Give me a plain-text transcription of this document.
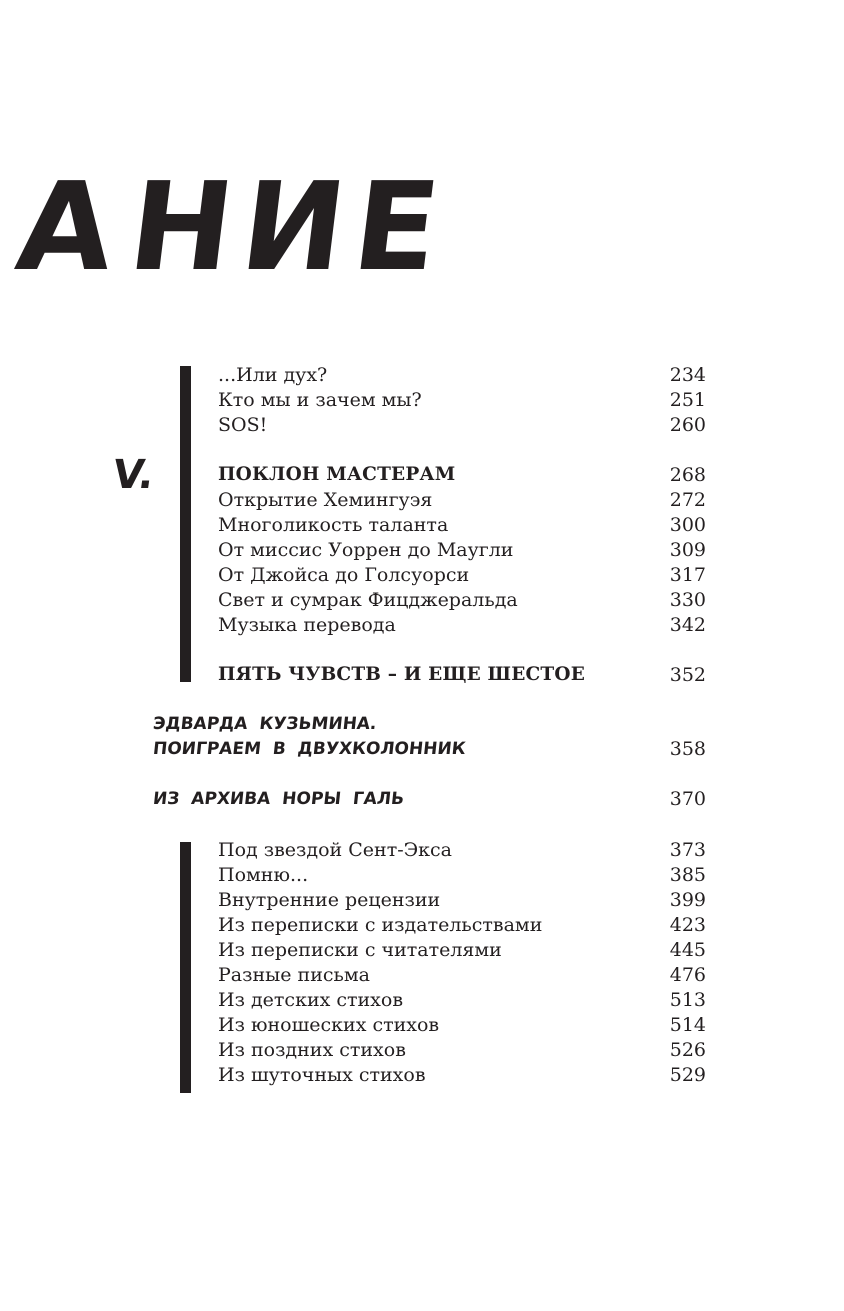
А Н
И
Е
V.
...Или дух?	234
Кто мы и зачем мы?	251
SOS!	260
ПОКЛОН МАСТЕРАМ	268
Открытие Хемингуэя	272
Многоликость таланта	300
От миссис Уоррен до Маугли	309
От Джойса до Голсуорси	317
Свет и сумрак Фицджеральда	330
Музыка перевода	342
ПЯТЬ ЧУВСТВ – И ЕЩЕ ШЕСТОЕ	352
ЭДВАРДА КУЗЬМИНА.
ПОИГРАЕМ В ДВУХКОЛОННИК	358
ИЗ АРХИВА НОРЫ ГАЛЬ	370
Под звездой Сент-Экса	373
Помню...	385
Внутренние рецензии	399
Из переписки с издательствами	423
Из переписки с читателями	445
Разные письма	476
Из детских стихов	513
Из юношеских стихов	514
Из поздних стихов	526
Из шуточных стихов	529
